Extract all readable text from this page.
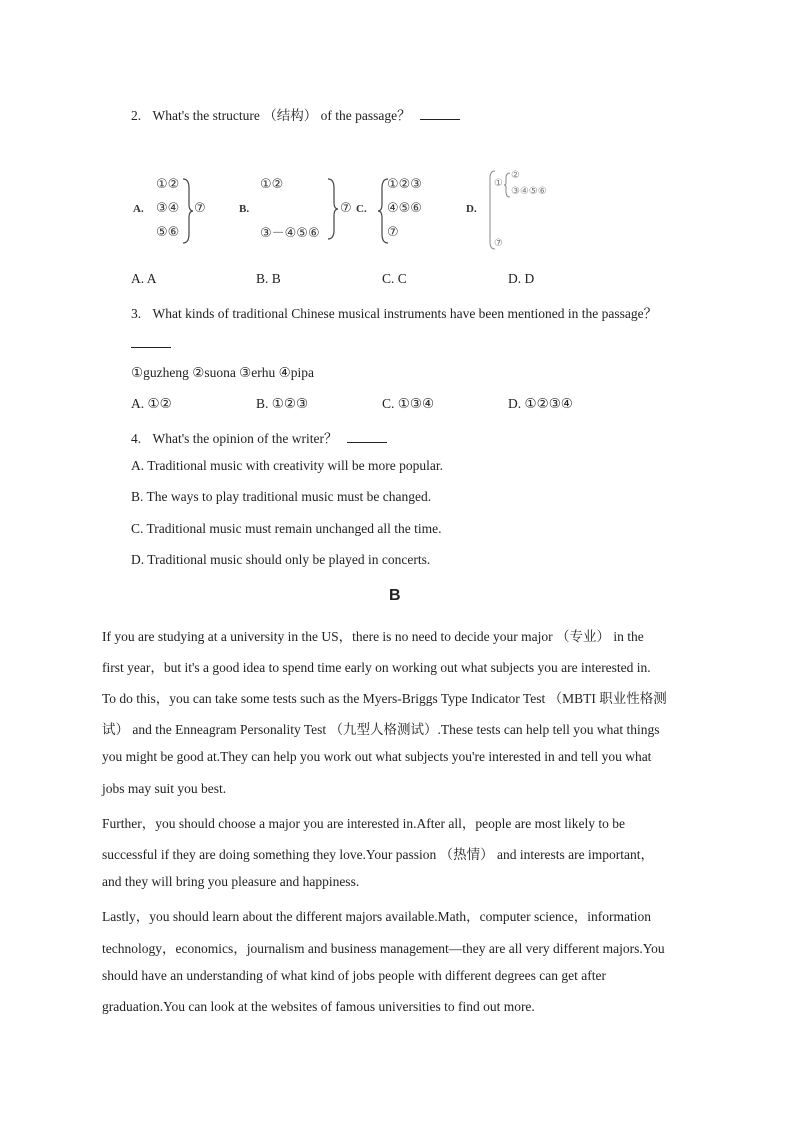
2. What's the structure （结构） of the passage？
A.
①②
③④
⑤⑥
⑦	B.
①②
③－④⑤⑥
⑦ C.
①②③
④⑤⑥
⑦
D.
①
②
③④⑤⑥
⑦
A. A	B. B	C. C	D. D
3. What kinds of traditional Chinese musical instruments have been mentioned in the passage？
①guzheng ②suona ③erhu ④pipa
A. ①②	B. ①②③	C. ①③④	D. ①②③④
4. What's the opinion of the writer？
A. Traditional music with creativity will be more popular.
B. The ways to play traditional music must be changed.
C. Traditional music must remain unchanged all the time.
D. Traditional music should only be played in concerts.
B
If you are studying at a university in the US，there is no need to decide your major （专业） in the
first year，but it's a good idea to spend time early on working out what subjects you are interested in.
To do this，you can take some tests such as the Myers-Briggs Type Indicator Test （MBTI 职业性格测
试） and the Enneagram Personality Test （九型人格测试）.These tests can help tell you what things
you might be good at.They can help you work out what subjects you're interested in and tell you what
jobs may suit you best.
Further，you should choose a major you are interested in.After all，people are most likely to be
successful if they are doing something they love.Your passion （热情） and interests are important，
and they will bring you pleasure and happiness.
Lastly，you should learn about the different majors available.Math，computer science，information
technology，economics，journalism and business management—they are all very different majors.You
should have an understanding of what kind of jobs people with different degrees can get after
graduation.You can look at the websites of famous universities to find out more.
